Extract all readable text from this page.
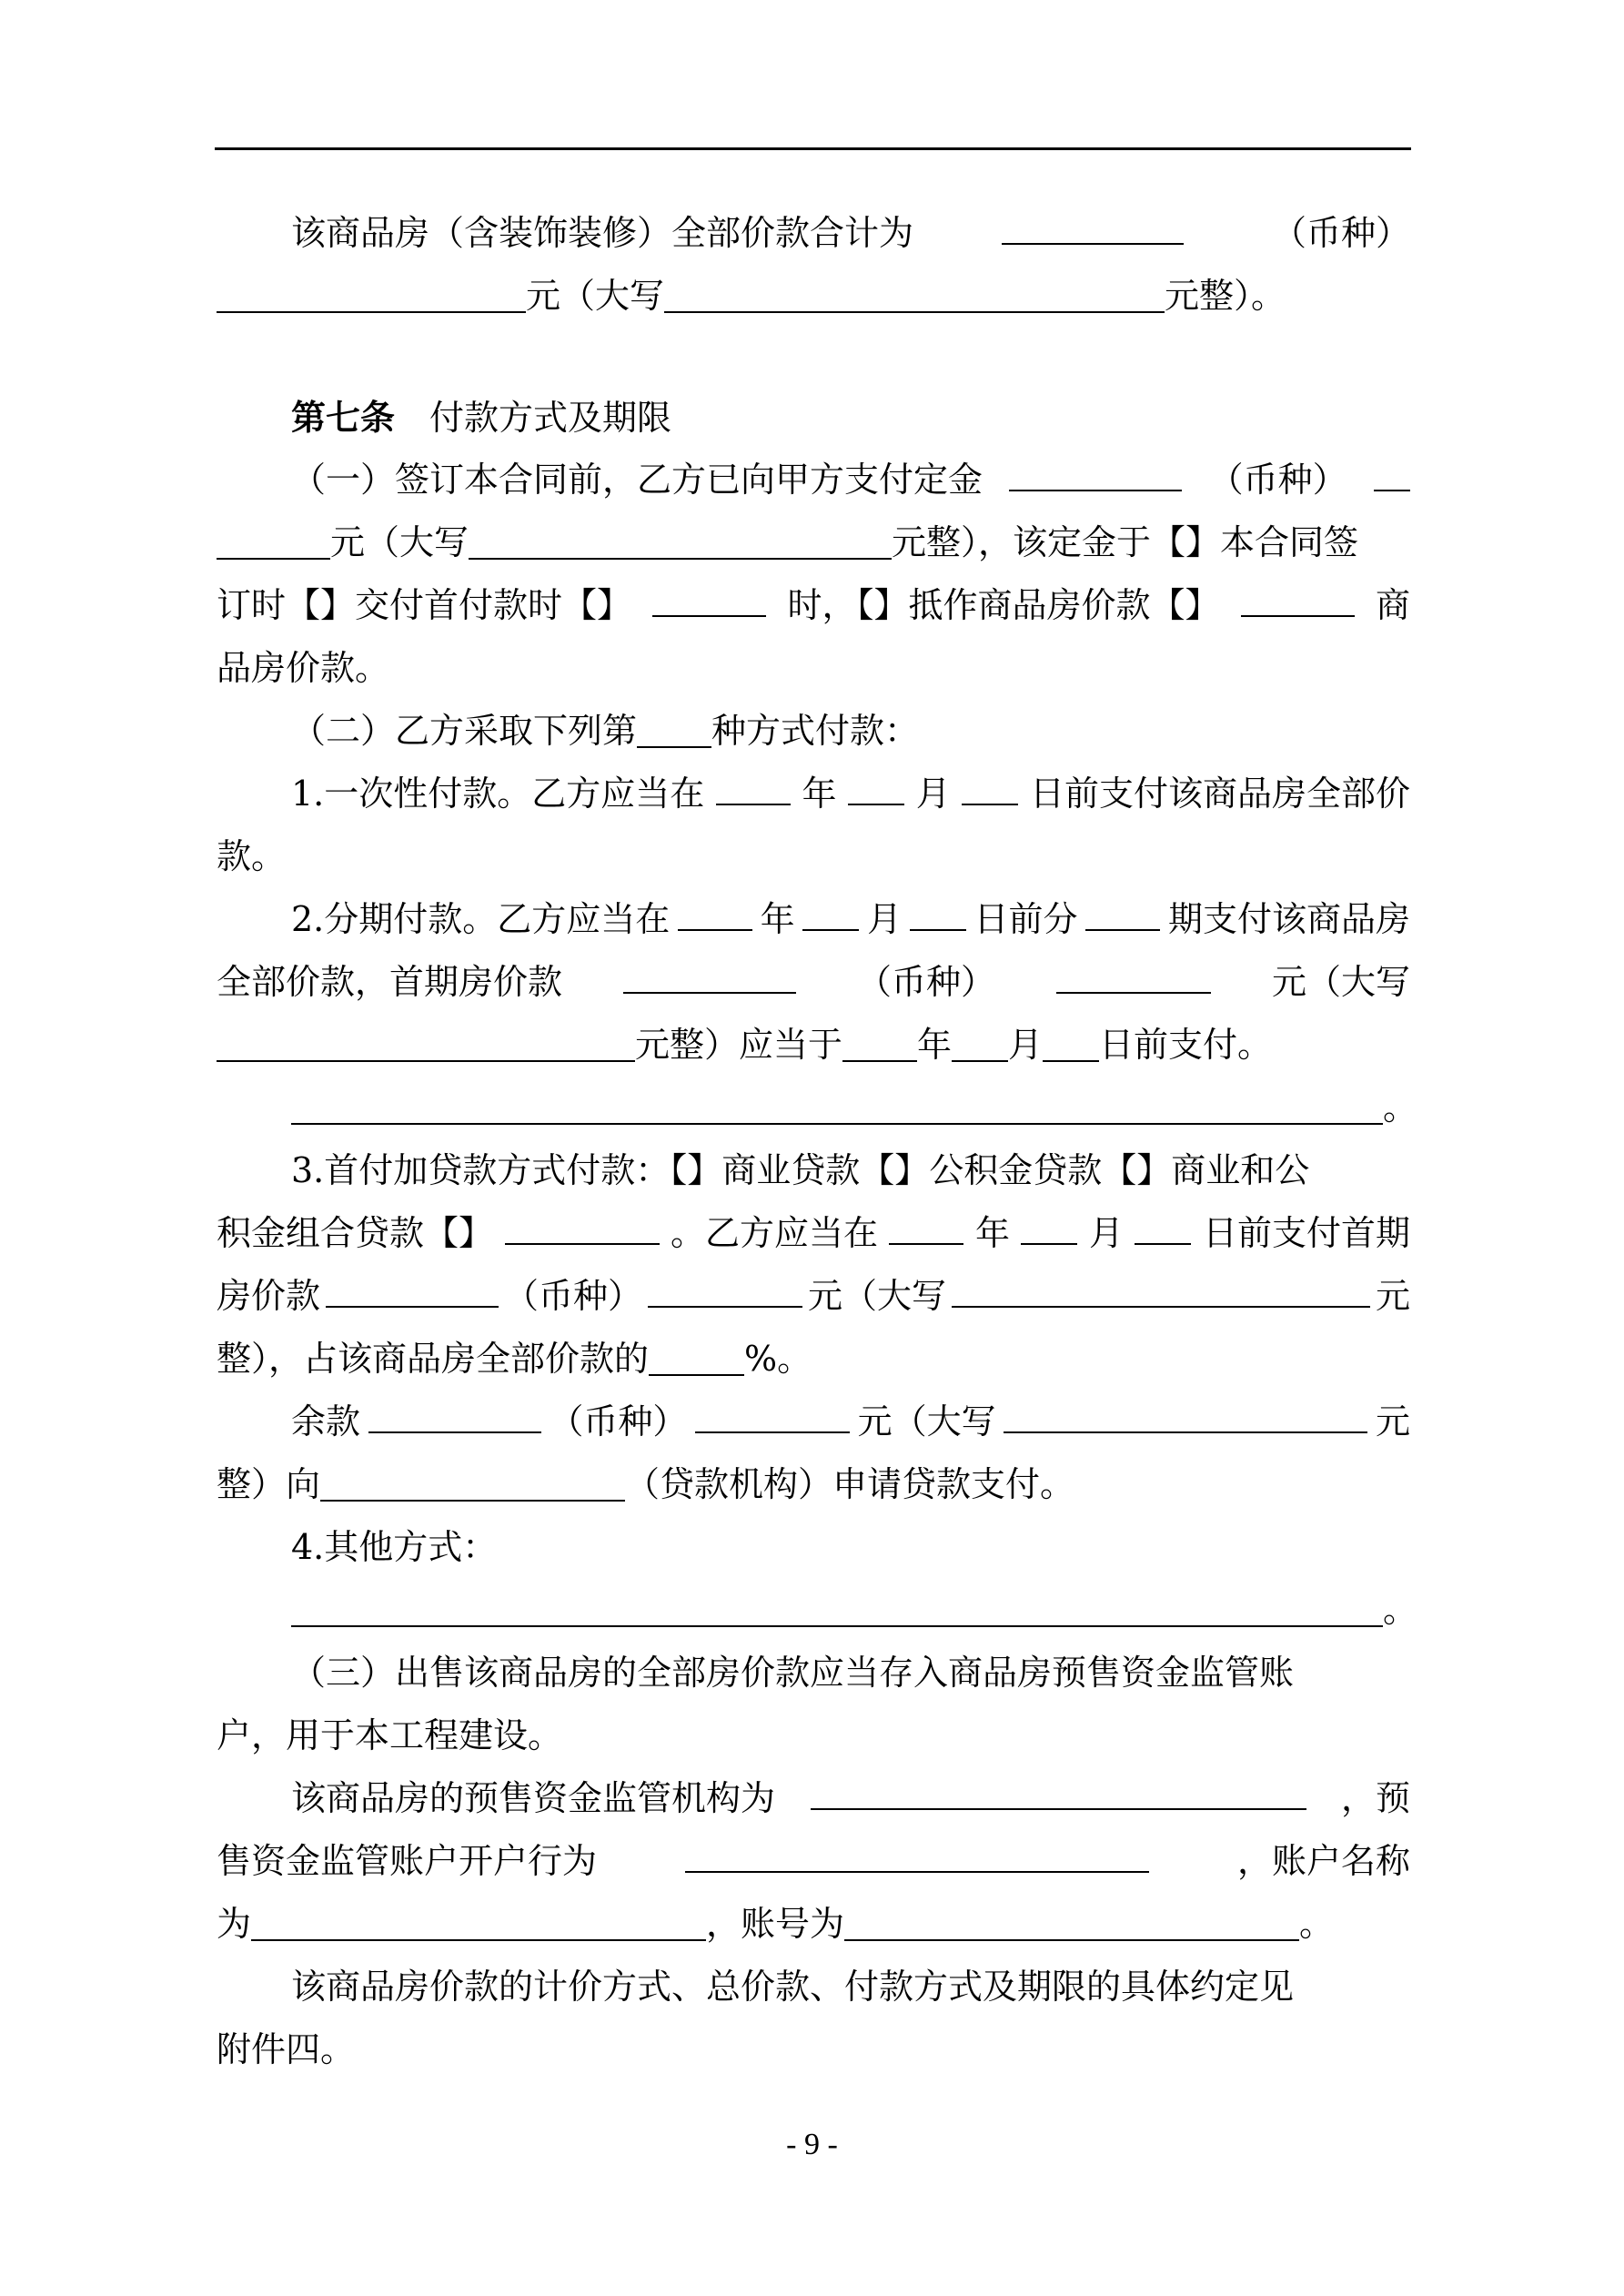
该商品房（含装饰装修）全部价款合计为	（币种）
元（大写	元整）。
第七条　付款方式及期限
（一）签订本合同前，乙方已向甲方支付定金	（币种）
元（大写	元整），该定金于【】本合同签
订时【】交付首付款时【】	时，【】抵作商品房价款【】	商
品房价款。
（二）乙方采取下列第 种方式付款：
1.一次性付款。乙方应当在	年 月 日前支付该商品房全部价
款。
2.分期付款。乙方应当在	年 月 日前分	期支付该商品房
全部价款，首期房价款	（币种）	元（大写
元整）应当于 年 月 日前支付。
。
3.首付加贷款方式付款：【】商业贷款【】公积金贷款【】商业和公
积金组合贷款【】	。乙方应当在	年 月 日前支付首期
房价款	（币种）	元（大写	元
整），占该商品房全部价款的	%。
余款	（币种）	元（大写	元
整）向	（贷款机构）申请贷款支付。
4.其他方式：
。
（三）出售该商品房的全部房价款应当存入商品房预售资金监管账
户，用于本工程建设。
该商品房的预售资金监管机构为	，预
售资金监管账户开户行为	，账户名称
为	，账号为	。
该商品房价款的计价方式、总价款、付款方式及期限的具体约定见
附件四。
- 9 -
